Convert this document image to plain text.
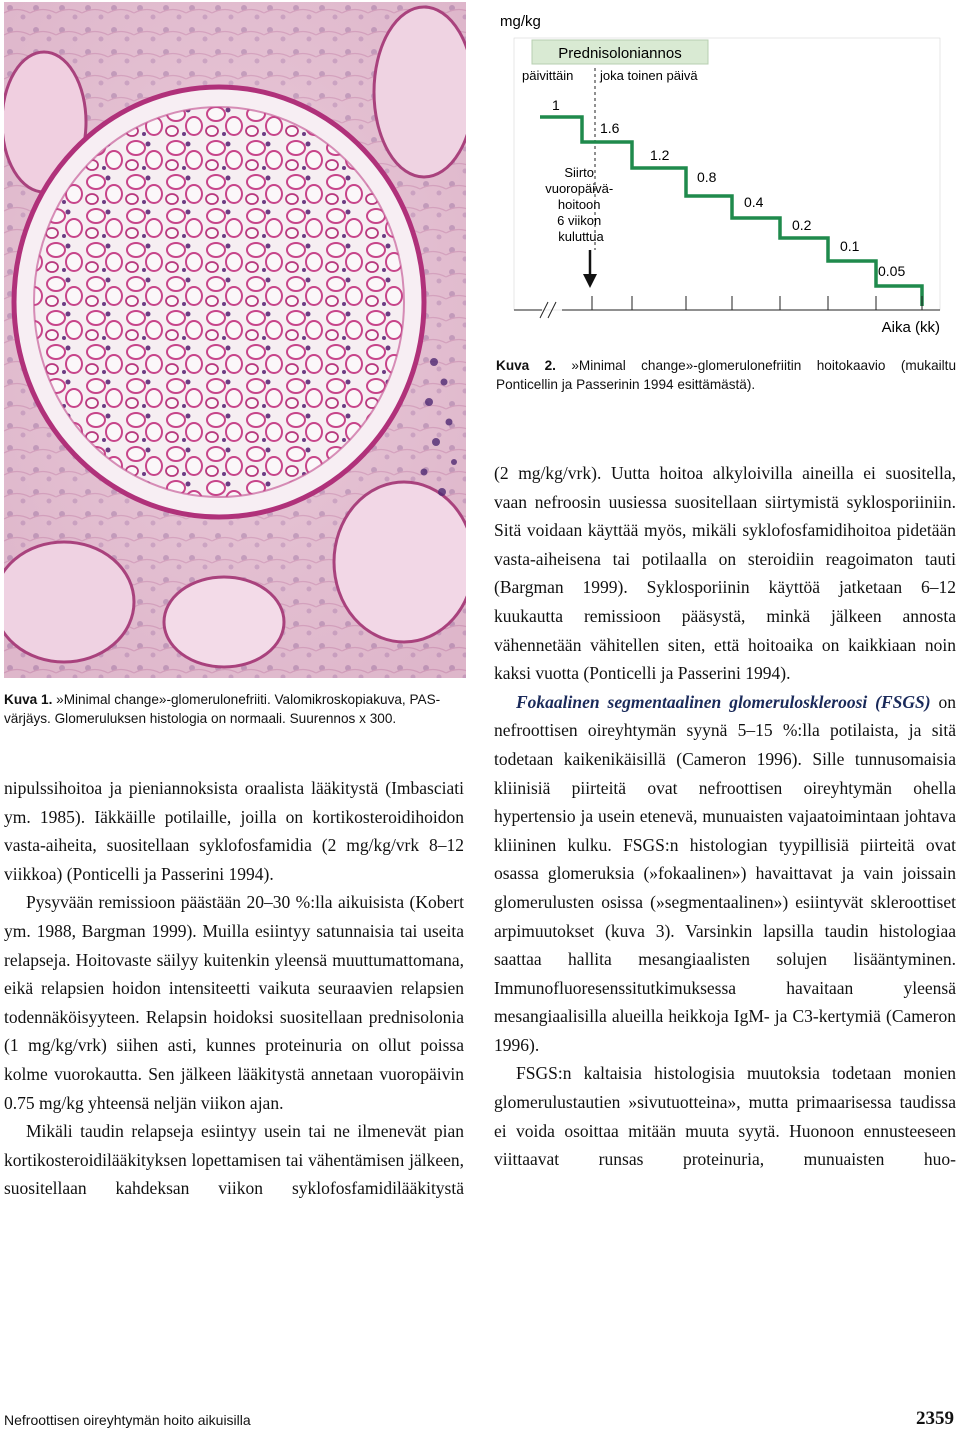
Kuva 1. »Minimal change»-glomerulonefriiti. Valomikroskopiakuva, PAS-värjäys. Glomeruluksen histologia on normaali. Suurennos x 300.
mg/kg
Prednisoloniannos
päivittäin joka toinen päivä
1
1.6
1.2
0.8
0.4
0.2
0.1
0.05
Siirto vuoropäivä- hoitoon 6 viikon kuluttua
Aika (kk)
Kuva 2. »Minimal change»-glomerulonefriitin hoitokaavio (mukailtu Ponticellin ja Passerinin 1994 esittämästä).

nipulssihoitoa ja pieniannoksista oraalista lääkitystä (Imbasciati ym. 1985). Iäkkäille potilaille, joilla on kortikosteroidihoidon vasta-aiheita, suositellaan syklofosfamidia (2 mg/kg/vrk 8–12 viikkoa) (Ponticelli ja Passerini 1994).

Pysyvään remissioon päästään 20–30 %:lla aikuisista (Kobert ym. 1988, Bargman 1999). Muilla esiintyy satunnaisia tai useita relapseja. Hoitovaste säilyy kuitenkin yleensä muuttumattomana, eikä relapsien hoidon intensiteetti vaikuta seuraavien relapsien todennäköisyyteen. Relapsin hoidoksi suositellaan prednisolonia (1 mg/kg/vrk) siihen asti, kunnes proteinuria on ollut poissa kolme vuorokautta. Sen jälkeen lääkitystä annetaan vuoropäivin 0.75 mg/kg yhteensä neljän viikon ajan.

Mikäli taudin relapseja esiintyy usein tai ne ilmenevät pian kortikosteroidilääkityksen lopettamisen tai vähentämisen jälkeen, suositellaan kahdeksan viikon syklofosfamidilääkitystä

(2 mg/kg/vrk). Uutta hoitoa alkyloivilla aineilla ei suositella, vaan nefroosin uusiessa suositellaan siirtymistä syklosporiiniin. Sitä voidaan käyttää myös, mikäli syklofosfamidihoitoa pidetään vasta-aiheisena tai potilaalla on steroidiin reagoimaton tauti (Bargman 1999). Syklosporiinin käyttöä jatketaan 6–12 kuukautta remissioon pääsystä, minkä jälkeen annosta vähennetään vähitellen siten, että hoitoaika on kaikkiaan noin kaksi vuotta (Ponticelli ja Passerini 1994).

Fokaalinen segmentaalinen glomeruloskleroosi (FSGS) on nefroottisen oireyhtymän syynä 5–15 %:lla potilaista, ja sitä todetaan kaikenikäisillä (Cameron 1996). Sille tunnusomaisia kliinisiä piirteitä ovat nefroottisen oireyhtymän ohella hypertensio ja usein etenevä, munuaisten vajaatoimintaan johtava kliininen kulku. FSGS:n histologian tyypillisiä piirteitä ovat osassa glomeruksia (»fokaalinen») havaittavat ja vain joissain glomerulusten osissa (»segmentaalinen») esiintyvät skleroottiset arpimuutokset (kuva 3). Varsinkin lapsilla taudin histologiaa saattaa hallita mesangiaalisten solujen lisääntyminen. Immunofluoresenssitutkimuksessa havaitaan yleensä mesangiaalisilla alueilla heikkoja IgM- ja C3-kertymiä (Cameron 1996).

FSGS:n kaltaisia histologisia muutoksia todetaan monien glomerulustautien »sivutuotteina», mutta primaarisessa taudissa ei voida osoittaa mitään muuta syytä. Huonoon ennusteeseen viittaavat runsas proteinuria, munuaisten huo-

Nefroottisen oireyhtymän hoito aikuisilla	2359
